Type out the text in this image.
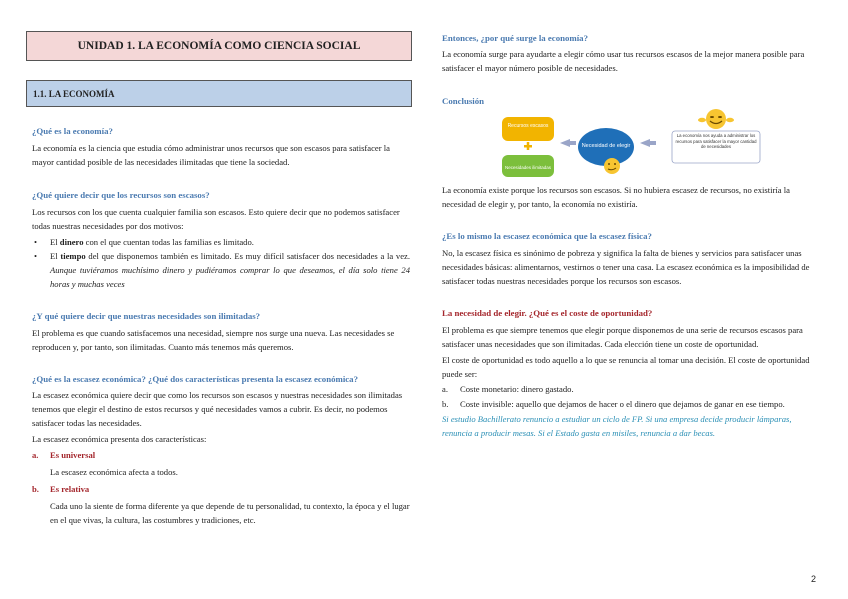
UNIDAD 1. LA ECONOMÍA COMO CIENCIA SOCIAL
1.1. LA ECONOMÍA

¿Qué es la economía?

La economía es la ciencia que estudia cómo administrar unos recursos que son escasos para satisfacer la mayor cantidad posible de las necesidades ilimitadas que tiene la sociedad.

¿Qué quiere decir que los recursos son escasos?

Los recursos con los que cuenta cualquier familia son escasos. Esto quiere decir que no podemos satisfacer todas nuestras necesidades por dos motivos:

• El dinero con el que cuentan todas las familias es limitado.
• El tiempo del que disponemos también es limitado. Es muy difícil satisfacer dos necesidades a la vez. Aunque tuviéramos muchísimo dinero y pudiéramos comprar lo que deseamos, el día solo tiene 24 horas y muchas veces

¿Y qué quiere decir que nuestras necesidades son ilimitadas?

El problema es que cuando satisfacemos una necesidad, siempre nos surge una nueva. Las necesidades se reproducen y, por tanto, son ilimitadas. Cuanto más tenemos más queremos.

¿Qué es la escasez económica? ¿Qué dos características presenta la escasez económica?

La escasez económica quiere decir que como los recursos son escasos y nuestras necesidades son ilimitadas tenemos que elegir el destino de estos recursos y qué necesidades vamos a cubrir. Es decir, no podemos satisfacer todas las necesidades.

La escasez económica presenta dos características:

a. Es universal

La escasez económica afecta a todos.

b. Es relativa

Cada uno la siente de forma diferente ya que depende de tu personalidad, tu contexto, la época y el lugar en el que vivas, la cultura, las costumbres y tradiciones, etc.

Entonces, ¿por qué surge la economía?

La economía surge para ayudarte a elegir cómo usar tus recursos escasos de la mejor manera posible para satisfacer el mayor número posible de necesidades.

Conclusión

Recursos escasos
Necesidades ilimitadas
Necesidad de elegir
La economía nos ayuda a administrar los recursos para satisfacer la mayor cantidad de necesidades

La economía existe porque los recursos son escasos. Si no hubiera escasez de recursos, no existiría la necesidad de elegir y, por tanto, la economía no existiría.

¿Es lo mismo la escasez económica que la escasez física?

No, la escasez física es sinónimo de pobreza y significa la falta de bienes y servicios para satisfacer unas necesidades básicas: alimentarnos, vestirnos o tener una casa. La escasez económica es la imposibilidad de satisfacer todas nuestras necesidades porque los recursos son escasos.

La necesidad de elegir. ¿Qué es el coste de oportunidad?

El problema es que siempre tenemos que elegir porque disponemos de una serie de recursos escasos para satisfacer unas necesidades que son ilimitadas. Cada elección tiene un coste de oportunidad.

El coste de oportunidad es todo aquello a lo que se renuncia al tomar una decisión. El coste de oportunidad puede ser:

a. Coste monetario: dinero gastado.
b. Coste invisible: aquello que dejamos de hacer o el dinero que dejamos de ganar en ese tiempo.

Si estudio Bachillerato renuncio a estudiar un ciclo de FP. Si una empresa decide producir lámparas, renuncia a producir mesas. Si el Estado gasta en misiles, renuncia a dar becas.

2
